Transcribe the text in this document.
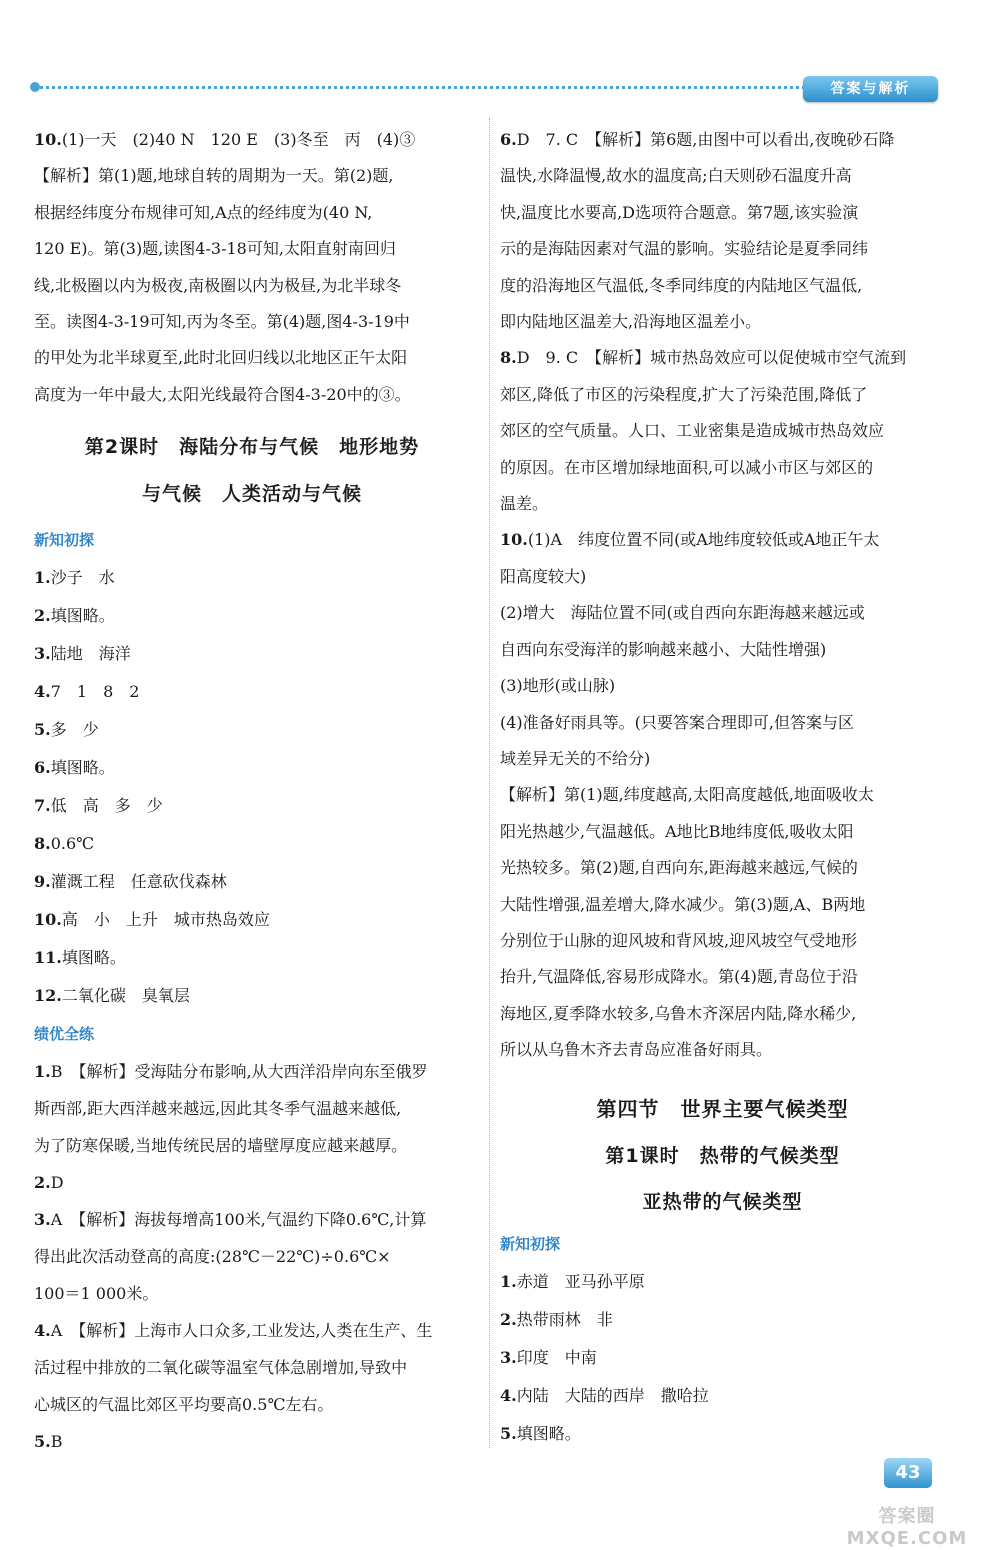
答案与解析

10.(1)一天　(2)40 N　120 E　(3)冬至　丙　(4)③

【解析】第(1)题,地球自转的周期为一天。第(2)题,

根据经纬度分布规律可知,A点的经纬度为(40 N,

120 E)。第(3)题,读图4-3-18可知,太阳直射南回归

线,北极圈以内为极夜,南极圈以内为极昼,为北半球冬

至。读图4-3-19可知,丙为冬至。第(4)题,图4-3-19中

的甲处为北半球夏至,此时北回归线以北地区正午太阳

高度为一年中最大,太阳光线最符合图4-3-20中的③。

第2课时　海陆分布与气候　地形地势

与气候　人类活动与气候

新知初探

1.沙子　水

2.填图略。

3.陆地　海洋

4.7　1　8　2

5.多　少

6.填图略。

7.低　高　多　少

8.0.6℃

9.灌溉工程　任意砍伐森林

10.高　小　上升　城市热岛效应

11.填图略。

12.二氧化碳　臭氧层

绩优全练

1.B　【解析】受海陆分布影响,从大西洋沿岸向东至俄罗

斯西部,距大西洋越来越远,因此其冬季气温越来越低,

为了防寒保暖,当地传统民居的墙壁厚度应越来越厚。

2.D

3.A　【解析】海拔每增高100米,气温约下降0.6℃,计算

得出此次活动登高的高度:(28℃－22℃)÷0.6℃×

100＝1 000米。

4.A　【解析】上海市人口众多,工业发达,人类在生产、生

活过程中排放的二氧化碳等温室气体急剧增加,导致中

心城区的气温比郊区平均要高0.5℃左右。

5.B

6.D　7. C　【解析】第6题,由图中可以看出,夜晚砂石降

温快,水降温慢,故水的温度高;白天则砂石温度升高

快,温度比水要高,D选项符合题意。第7题,该实验演

示的是海陆因素对气温的影响。实验结论是夏季同纬

度的沿海地区气温低,冬季同纬度的内陆地区气温低,

即内陆地区温差大,沿海地区温差小。

8.D　9. C　【解析】城市热岛效应可以促使城市空气流到

郊区,降低了市区的污染程度,扩大了污染范围,降低了

郊区的空气质量。人口、工业密集是造成城市热岛效应

的原因。在市区增加绿地面积,可以减小市区与郊区的

温差。

10.(1)A　纬度位置不同(或A地纬度较低或A地正午太

阳高度较大)

(2)增大　海陆位置不同(或自西向东距海越来越远或

自西向东受海洋的影响越来越小、大陆性增强)

(3)地形(或山脉)

(4)准备好雨具等。(只要答案合理即可,但答案与区

域差异无关的不给分)

【解析】第(1)题,纬度越高,太阳高度越低,地面吸收太

阳光热越少,气温越低。A地比B地纬度低,吸收太阳

光热较多。第(2)题,自西向东,距海越来越远,气候的

大陆性增强,温差增大,降水减少。第(3)题,A、B两地

分别位于山脉的迎风坡和背风坡,迎风坡空气受地形

抬升,气温降低,容易形成降水。第(4)题,青岛位于沿

海地区,夏季降水较多,乌鲁木齐深居内陆,降水稀少,

所以从乌鲁木齐去青岛应准备好雨具。

第四节　世界主要气候类型

第1课时　热带的气候类型

亚热带的气候类型

新知初探

1.赤道　亚马孙平原

2.热带雨林　非

3.印度　中南

4.内陆　大陆的西岸　撒哈拉

5.填图略。

43
答案圈 MXQE.COM
